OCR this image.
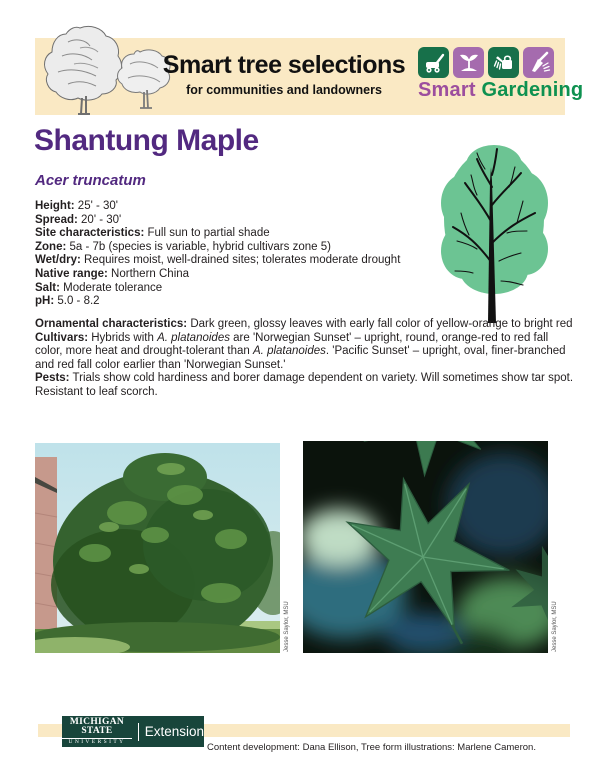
Smart tree selections
for communities and landowners	Smart Gardening
Shantung Maple
Acer truncatum
Height: 25' - 30'
Spread: 20' - 30'
Site characteristics: Full sun to partial shade
Zone: 5a - 7b (species is variable, hybrid cultivars zone 5)
Wet/dry: Requires moist, well-drained sites; tolerates moderate drought
Native range: Northern China
Salt: Moderate tolerance
pH: 5.0 - 8.2

Ornamental characteristics: Dark green, glossy leaves with early fall color of yellow-orange to bright red

Cultivars: Hybrids with A. platanoides are 'Norwegian Sunset' – upright, round, orange-red to red fall color, more heat and drought-tolerant than A. platanoides. 'Pacific Sunset' – upright, oval, finer-branched and red fall color earlier than 'Norwegian Sunset.'

Pests: Trials show cold hardiness and borer damage dependent on variety. Will sometimes show tar spot. Resistant to leaf scorch.

Jesse Saylor, MSU	Jesse Saylor, MSU
MICHIGAN STATE
UNIVERSITY
Extension
Content development: Dana Ellison, Tree form illustrations: Marlene Cameron.
